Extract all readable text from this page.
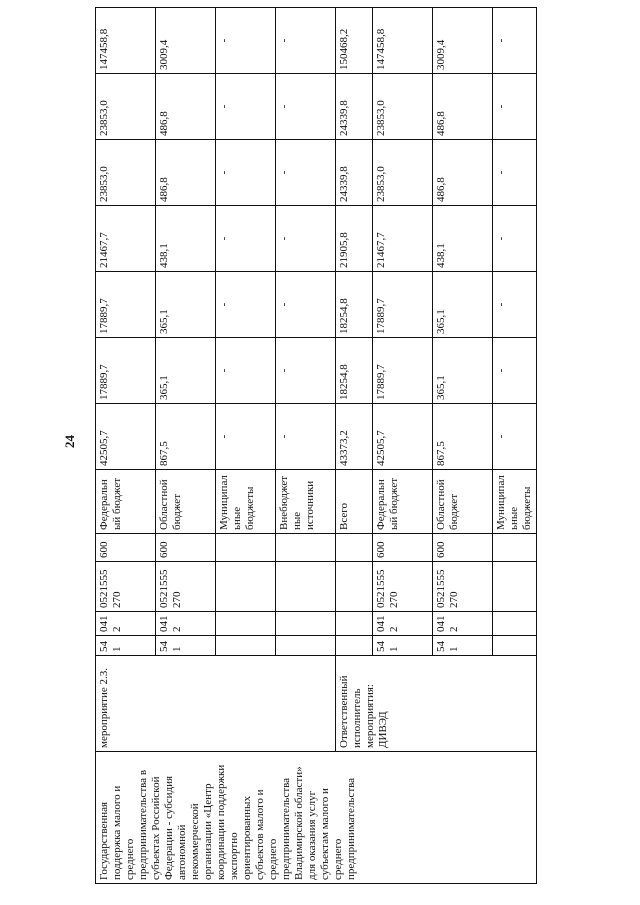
24
Государственная поддержка малого и среднего предпринимательства в субъектах Российской Федерации - субсидия автономной некоммерческой организации «Центр координации поддержки экспортно ориентированных субъектов малого и среднего предпринимательства Владимирской области» для оказания услуг субъектам малого и среднего предпринимательства	мероприятие 2.3.	541	0412	0521555270	600	Федеральный бюджет	42505,7	17889,7	17889,7	21467,7	23853,0	23853,0	147458,8
		541	0412	0521555270	600	Областной бюджет	867,5	365,1	365,1	438,1	486,8	486,8	3009,4
						Муниципальные бюджеты	-	-	-	-	-	-	-
						Внебюджетные источники	-	-	-	-	-	-	-
	Ответственный исполнитель мероприятия: ДИВЭД					Всего	43373,2	18254,8	18254,8	21905,8	24339,8	24339,8	150468,2
		541	0412	0521555270	600	Федеральный бюджет	42505,7	17889,7	17889,7	21467,7	23853,0	23853,0	147458,8
		541	0412	0521555270	600	Областной бюджет	867,5	365,1	365,1	438,1	486,8	486,8	3009,4
						Муниципальные бюджеты	-	-	-	-	-	-	-
